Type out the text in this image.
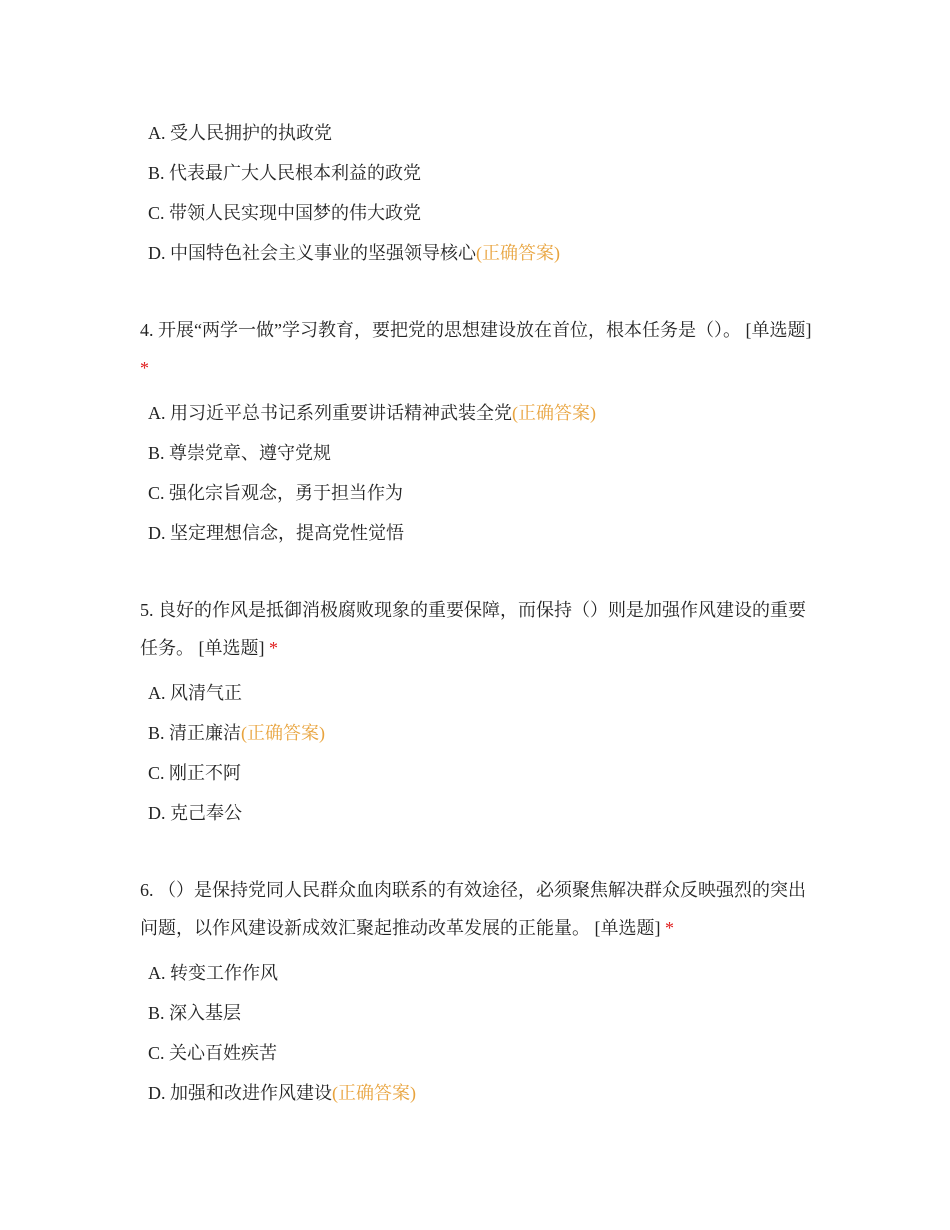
A. 受人民拥护的执政党
B. 代表最广大人民根本利益的政党
C. 带领人民实现中国梦的伟大政党
D. 中国特色社会主义事业的坚强领导核心(正确答案)
4. 开展“两学一做”学习教育，要把党的思想建设放在首位，根本任务是（）。 [单选题] *
A. 用习近平总书记系列重要讲话精神武装全党(正确答案)
B. 尊崇党章、遵守党规
C. 强化宗旨观念，勇于担当作为
D. 坚定理想信念，提高党性觉悟
5. 良好的作风是抵御消极腐败现象的重要保障，而保持（）则是加强作风建设的重要任务。 [单选题] *
A. 风清气正
B. 清正廉洁(正确答案)
C. 刚正不阿
D. 克己奉公
6. （）是保持党同人民群众血肉联系的有效途径，必须聚焦解决群众反映强烈的突出问题，以作风建设新成效汇聚起推动改革发展的正能量。 [单选题] *
A. 转变工作作风
B. 深入基层
C. 关心百姓疾苦
D. 加强和改进作风建设(正确答案)
